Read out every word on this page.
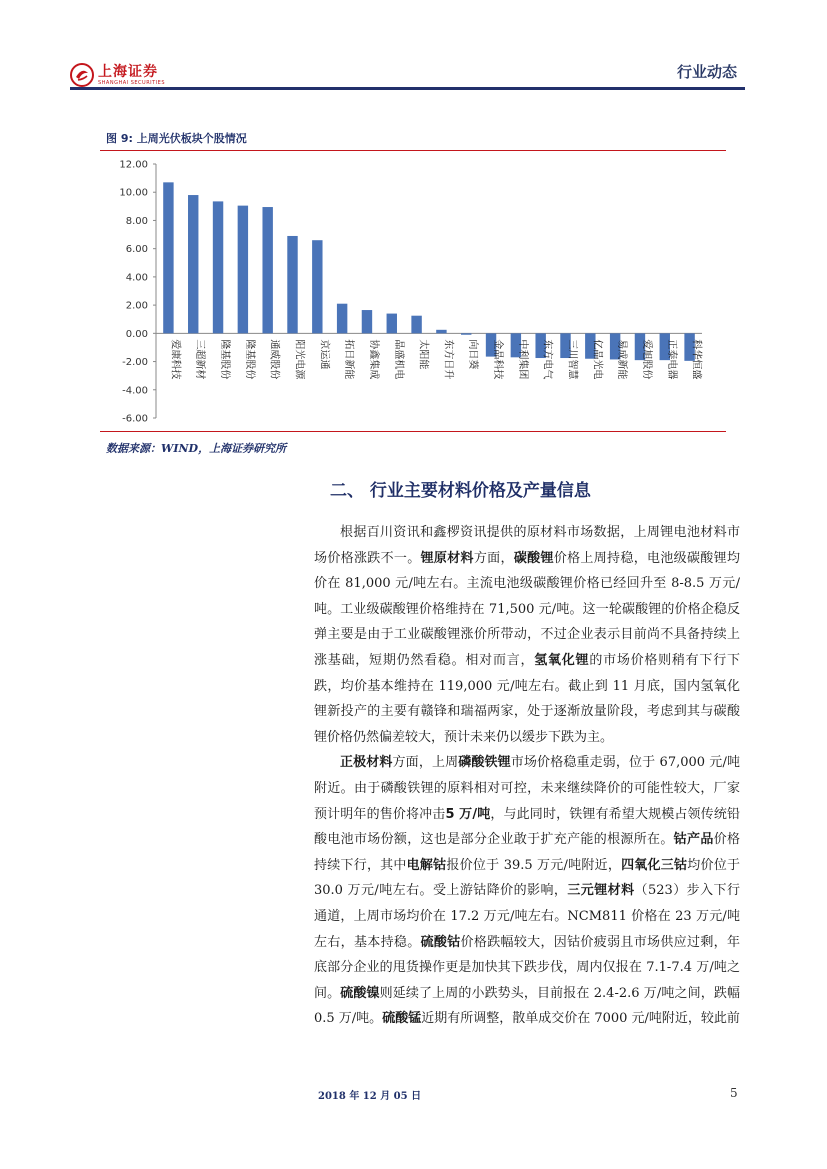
上海证券
SHANGHAI SECURITIES
行业动态
图 9: 上周光伏板块个股情况
12.00
10.00
8.00
6.00
4.00
2.00
0.00
-2.00
-4.00
-6.00
爱康科技 三超新材 隆基股份 隆基股份 通威股份 阳光电源 京运通 拓日新能 协鑫集成 晶盛机电 太阳能 东方日升 向日葵 金晶科技 中利集团 东方电气 三川智慧 亿晶光电 易成新能 爱旭股份 正泰电器 科华恒盛
数据来源：WIND，上海证券研究所
二、 行业主要材料价格及产量信息

根据百川资讯和鑫椤资讯提供的原材料市场数据，上周锂电池材料市场价格涨跌不一。锂原材料方面，碳酸锂价格上周持稳，电池级碳酸锂均价在 81,000 元/吨左右。主流电池级碳酸锂价格已经回升至 8-8.5 万元/吨。工业级碳酸锂价格维持在 71,500 元/吨。这一轮碳酸锂的价格企稳反弹主要是由于工业碳酸锂涨价所带动，不过企业表示目前尚不具备持续上涨基础，短期仍然看稳。相对而言，氢氧化锂的市场价格则稍有下行下跌，均价基本维持在 119,000 元/吨左右。截止到 11 月底，国内氢氧化锂新投产的主要有赣锋和瑞福两家，处于逐渐放量阶段，考虑到其与碳酸锂价格仍然偏差较大，预计未来仍以缓步下跌为主。

正极材料方面，上周磷酸铁锂市场价格稳重走弱，位于 67,000 元/吨附近。由于磷酸铁锂的原料相对可控，未来继续降价的可能性较大，厂家预计明年的售价将冲击5 万/吨，与此同时，铁锂有希望大规模占领传统铅酸电池市场份额，这也是部分企业敢于扩充产能的根源所在。钴产品价格持续下行，其中电解钴报价位于 39.5 万元/吨附近，四氧化三钴均价位于 30.0 万元/吨左右。受上游钴降价的影响，三元锂材料（523）步入下行通道，上周市场均价在 17.2 万元/吨左右。NCM811 价格在 23 万元/吨左右，基本持稳。硫酸钴价格跌幅较大，因钴价疲弱且市场供应过剩，年底部分企业的甩货操作更是加快其下跌步伐，周内仅报在 7.1-7.4 万/吨之间。硫酸镍则延续了上周的小跌势头，目前报在 2.4-2.6 万/吨之间，跌幅 0.5 万/吨。硫酸锰近期有所调整，散单成交价在 7000 元/吨附近，较此前

2018 年 12 月 05 日	5
